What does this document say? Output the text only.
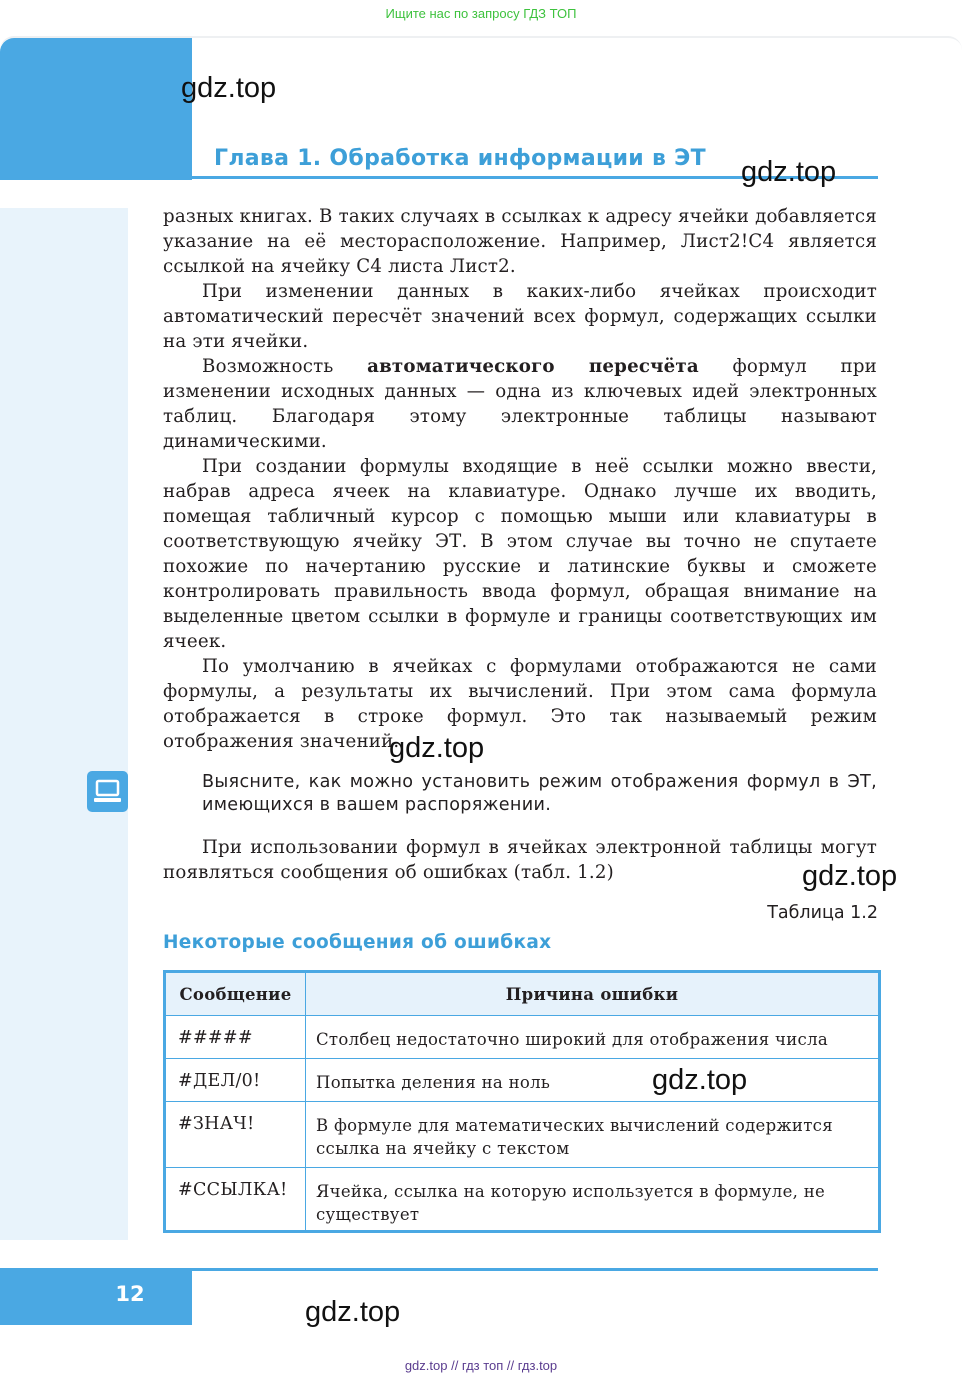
Ищите нас по запросу ГДЗ ТОП
gdz.top
Глава 1. Обработка информации в ЭТ gdz.top

разных книгах. В таких случаях в ссылках к адресу ячейки добавляется указание на её месторасположение. Например, Лист2!C4 является ссылкой на ячейку C4 листа Лист2.

При изменении данных в каких-либо ячейках происходит автоматический пересчёт значений всех формул, содержащих ссылки на эти ячейки.

Возможность автоматического пересчёта формул при изменении исходных данных — одна из ключевых идей электронных таблиц. Благодаря этому электронные таблицы называют динамическими.

При создании формулы входящие в неё ссылки можно ввести, набрав адреса ячеек на клавиатуре. Однако лучше их вводить, помещая табличный курсор с помощью мыши или клавиатуры в соответствующую ячейку ЭТ. В этом случае вы точно не спутаете похожие по начертанию русские и латинские буквы и сможете контролировать правильность ввода формул, обращая внимание на выделенные цветом ссылки в формуле и границы соответствующих им ячеек.

По умолчанию в ячейках с формулами отображаются не сами формулы, а результаты их вычислений. При этом сама формула отображается в строке формул. Это так называемый режим отображения значений.

gdz.top
Выясните, как можно установить режим отображения формул в ЭТ, имеющихся в вашем распоряжении.

При использовании формул в ячейках электронной таблицы могут появляться сообщения об ошибках (табл. 1.2)	gdz.top
Таблица 1.2
Некоторые сообщения об ошибках
Сообщение	Причина ошибки
#####	Столбец недостаточно широкий для отображения числа
#ДЕЛ/0!	Попытка деления на ноль
#ЗНАЧ!	В формуле для математических вычислений содержится ссылка на ячейку с текстом
#ССЫЛКА!	Ячейка, ссылка на которую используется в формуле, не существует
gdz.top
12
gdz.top
gdz.top // гдз топ // гдз.top
